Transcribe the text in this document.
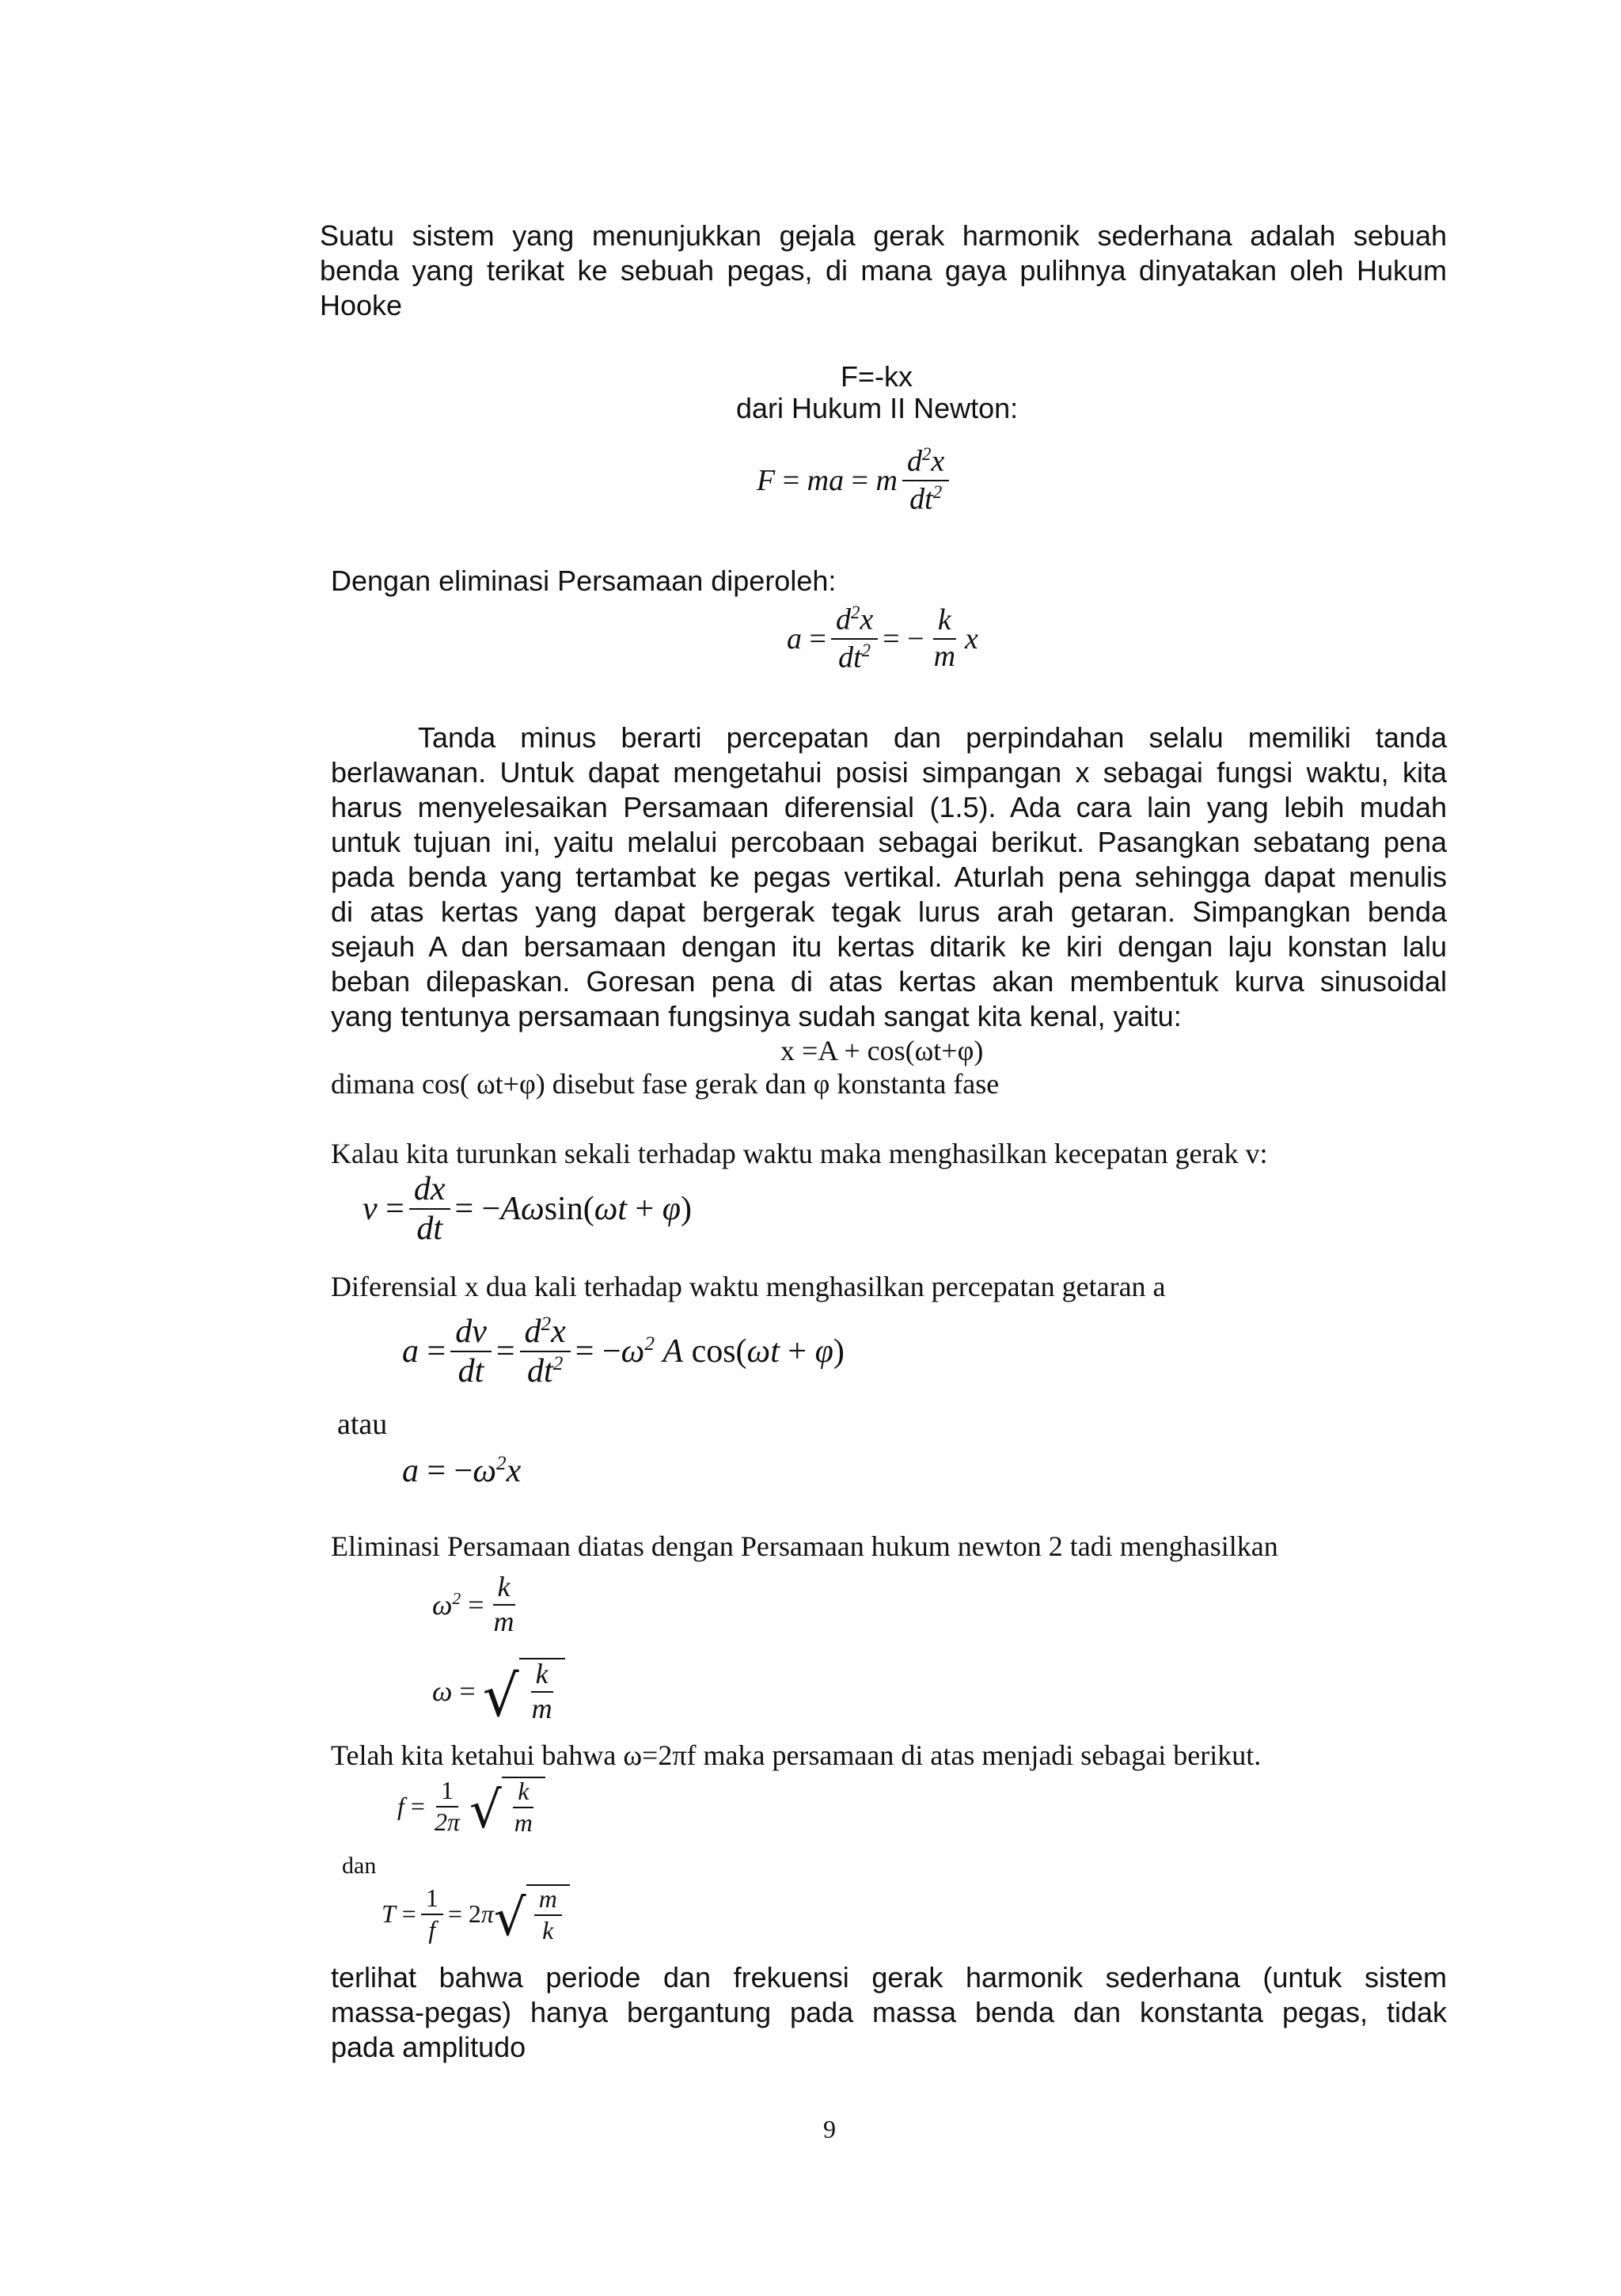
Suatu sistem yang menunjukkan gejala gerak harmonik sederhana adalah sebuah
benda yang terikat ke sebuah pegas, di mana gaya pulihnya dinyatakan oleh Hukum
Hooke
F=-kx
dari Hukum II Newton:
F = ma = m $\frac{d^2x}{dt^2}$
Dengan eliminasi Persamaan diperoleh:
$a = \frac{d^2x}{dt^2}$ = − $\frac{k}{m}$ x
Tanda minus berarti percepatan dan perpindahan selalu memiliki tanda
berlawanan. Untuk dapat mengetahui posisi simpangan x sebagai fungsi waktu, kita
harus menyelesaikan Persamaan diferensial (1.5). Ada cara lain yang lebih mudah
untuk tujuan ini, yaitu melalui percobaan sebagai berikut. Pasangkan sebatang pena
pada benda yang tertambat ke pegas vertikal. Aturlah pena sehingga dapat menulis
di atas kertas yang dapat bergerak tegak lurus arah getaran. Simpangkan benda
sejauh A dan bersamaan dengan itu kertas ditarik ke kiri dengan laju konstan lalu
beban dilepaskan. Goresan pena di atas kertas akan membentuk kurva sinusoidal
yang tentunya persamaan fungsinya sudah sangat kita kenal, yaitu:
x =A + cos(ωt+φ)
dimana cos( ωt+φ) disebut fase gerak dan φ konstanta fase
Kalau kita turunkan sekali terhadap waktu maka menghasilkan kecepatan gerak v:
$v = \frac{dx}{dt}$ = − Aω sin( ωt + φ )
Diferensial x dua kali terhadap waktu menghasilkan percepatan getaran a
$a = \frac{dv}{dt} = \frac{d^2x}{dt^2}$ = − $\omega^2$ A cos( ωt + φ )
atau
a = − $\omega^2x$
Eliminasi Persamaan diatas dengan Persamaan hukum newton 2 tadi menghasilkan
$\omega^2 = \frac{k}{m}$
ω = √ $\frac{k}{m}$
Telah kita ketahui bahwa ω=2πf maka persamaan di atas menjadi sebagai berikut.
$f = \frac{1}{2\pi}$ √ $\frac{k}{m}$
dan
$T = \frac{1}{f} = 2$ π √ $\frac{m}{k}$
terlihat bahwa periode dan frekuensi gerak harmonik sederhana (untuk sistem
massa-pegas) hanya bergantung pada massa benda dan konstanta pegas, tidak
pada amplitudo
9
